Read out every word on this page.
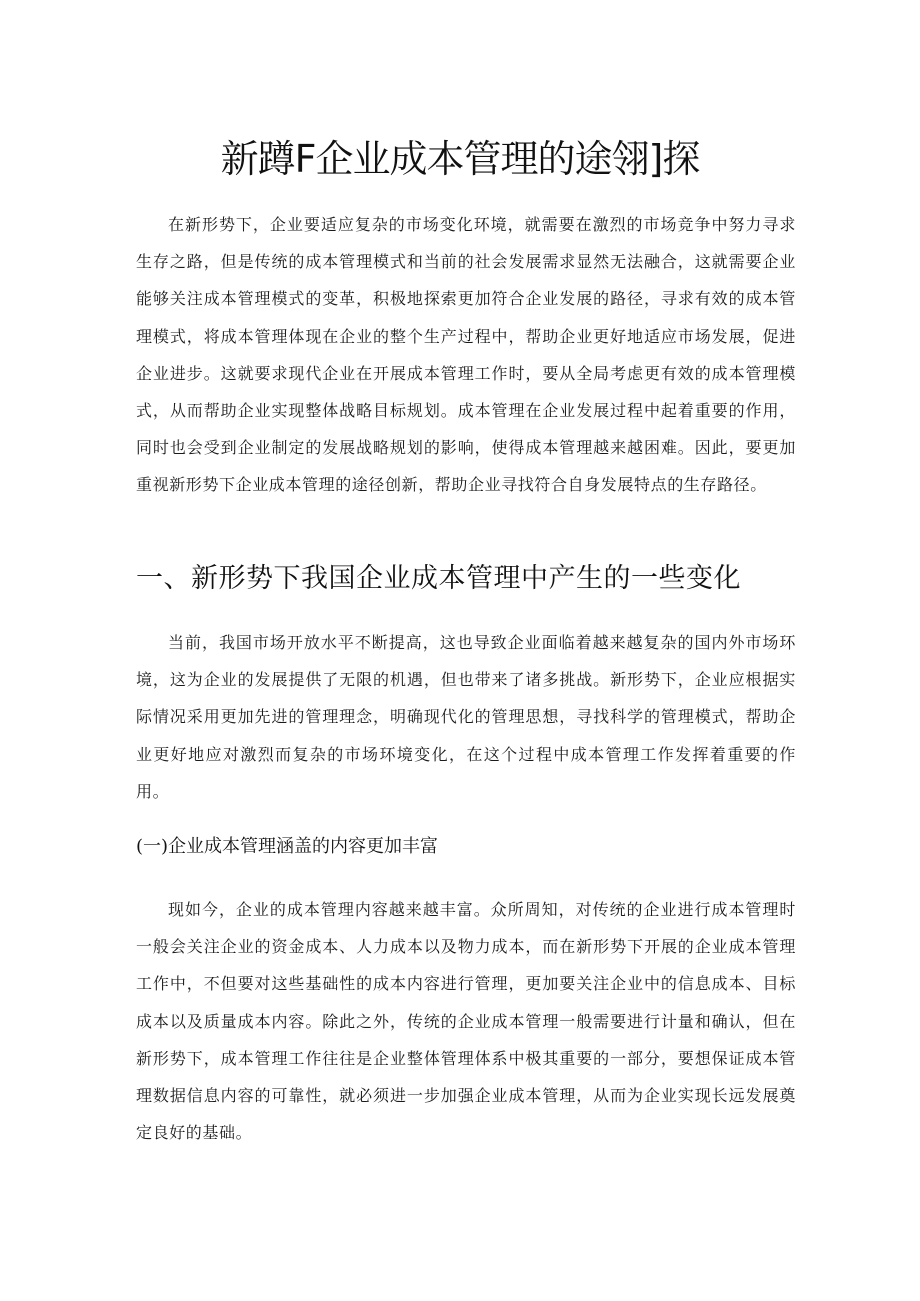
新蹲F企业成本管理的途翎]探

在新形势下，企业要适应复杂的市场变化环境，就需要在激烈的市场竞争中努力寻求生存之路，但是传统的成本管理模式和当前的社会发展需求显然无法融合，这就需要企业能够关注成本管理模式的变革，积极地探索更加符合企业发展的路径，寻求有效的成本管理模式，将成本管理体现在企业的整个生产过程中，帮助企业更好地适应市场发展，促进企业进步。这就要求现代企业在开展成本管理工作时，要从全局考虑更有效的成本管理模式，从而帮助企业实现整体战略目标规划。成本管理在企业发展过程中起着重要的作用，同时也会受到企业制定的发展战略规划的影响，使得成本管理越来越困难。因此，要更加重视新形势下企业成本管理的途径创新，帮助企业寻找符合自身发展特点的生存路径。

一、新形势下我国企业成本管理中产生的一些变化

当前，我国市场开放水平不断提高，这也导致企业面临着越来越复杂的国内外市场环境，这为企业的发展提供了无限的机遇，但也带来了诸多挑战。新形势下，企业应根据实际情况采用更加先进的管理理念，明确现代化的管理思想，寻找科学的管理模式，帮助企业更好地应对激烈而复杂的市场环境变化，在这个过程中成本管理工作发挥着重要的作用。

(一)企业成本管理涵盖的内容更加丰富

现如今，企业的成本管理内容越来越丰富。众所周知，对传统的企业进行成本管理时一般会关注企业的资金成本、人力成本以及物力成本，而在新形势下开展的企业成本管理工作中，不但要对这些基础性的成本内容进行管理，更加要关注企业中的信息成本、目标成本以及质量成本内容。除此之外，传统的企业成本管理一般需要进行计量和确认，但在新形势下，成本管理工作往往是企业整体管理体系中极其重要的一部分，要想保证成本管理数据信息内容的可靠性，就必须进一步加强企业成本管理，从而为企业实现长远发展奠定良好的基础。
